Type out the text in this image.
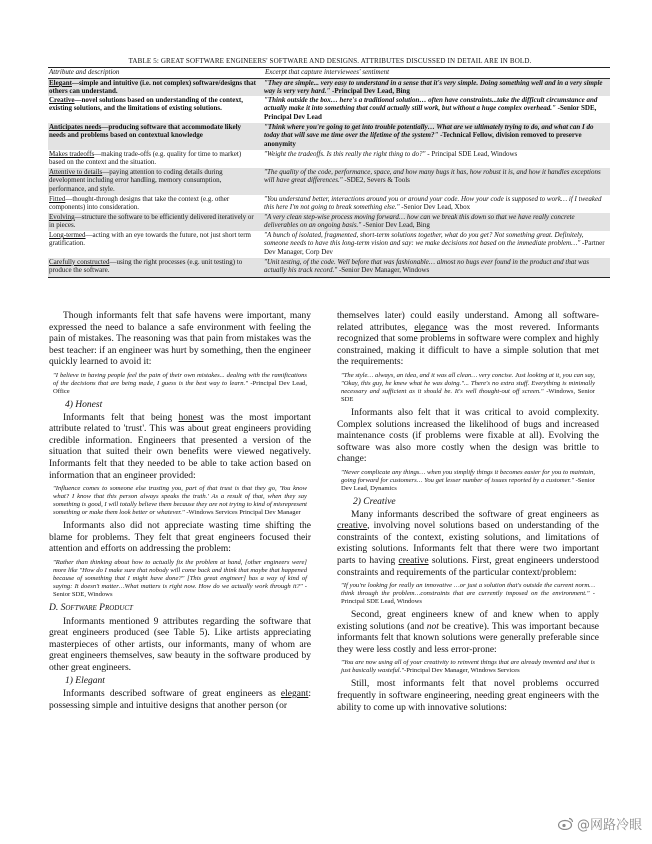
TABLE 5: GREAT SOFTWARE ENGINEERS' SOFTWARE AND DESIGNS. ATTRIBUTES DISCUSSED IN DETAIL ARE IN BOLD.
Attribute and description	Excerpt that capture interviewees' sentiment
Elegant—simple and intuitive (i.e. not complex) software/designs that others can understand.
"They are simple... very easy to understand in a sense that it's very simple. Doing something well and in a very simple way is very very hard." -Principal Dev Lead, Bing
Creative—novel solutions based on understanding of the context, existing solutions, and the limitations of existing solutions.
"Think outside the box… here's a traditional solution… often have constraints...take the difficult circumstance and actually make it into something that could actually still work, but without a huge complex overhead." -Senior SDE, Principal Dev Lead
Anticipates needs—producing software that accommodate likely needs and problems based on contextual knowledge
"Think where you're going to get into trouble potentially… What are we ultimately trying to do, and what can I do today that will save me time over the lifetime of the system?" -Technical Fellow, division removed to preserve anonymity
Makes tradeoffs—making trade-offs (e.g. quality for time to market) based on the context and the situation.
"Weight the tradeoffs. Is this really the right thing to do?" - Principal SDE Lead, Windows
Attentive to details—paying attention to coding details during development including error handling, memory consumption, performance, and style.
"The quality of the code, performance, space, and how many bugs it has, how robust it is, and how it handles exceptions will have great differences." -SDE2, Severs & Tools
Fitted—thought-through designs that take the context (e.g. other components) into consideration.
"You understand better, interactions around you or around your code. How your code is supposed to work… if I tweaked this here I'm not going to break something else." -Senior Dev Lead, Xbox
Evolving—structure the software to be efficiently delivered iteratively or in pieces.
"A very clean step-wise process moving forward… how can we break this down so that we have really concrete deliverables on an ongoing basis." -Senior Dev Lead, Bing
Long-termed—acting with an eye towards the future, not just short term gratification.
"A bunch of isolated, fragmented, short-term solutions together, what do you get? Not something great. Definitely, someone needs to have this long-term vision and say: we make decisions not based on the immediate problem…" -Partner Dev Manager, Corp Dev
Carefully constructed—using the right processes (e.g. unit testing) to produce the software.
"Unit testing, of the code. Well before that was fashionable… almost no bugs ever found in the product and that was actually his track record." -Senior Dev Manager, Windows

Though informants felt that safe havens were important, many expressed the need to balance a safe environment with feeling the pain of mistakes. The reasoning was that pain from mistakes was the best teacher: if an engineer was hurt by something, then the engineer quickly learned to avoid it:

"I believe in having people feel the pain of their own mistakes... dealing with the ramifications of the decisions that are being made, I guess is the best way to learn." -Principal Dev Lead, Office

4) Honest

Informants felt that being honest was the most important attribute related to 'trust'. This was about great engineers providing credible information. Engineers that presented a version of the situation that suited their own benefits were viewed negatively. Informants felt that they needed to be able to take action based on information that an engineer provided:

"Influence comes to someone else trusting you, part of that trust is that they go, 'You know what? I know that this person always speaks the truth.' As a result of that, when they say something is good, I will totally believe them because they are not trying to kind of misrepresent something or make them look better or whatever." -Windows Services Principal Dev Manager

Informants also did not appreciate wasting time shifting the blame for problems. They felt that great engineers focused their attention and efforts on addressing the problem:

"Rather than thinking about how to actually fix the problem at hand, [other engineers were] more like "How do I make sure that nobody will come back and think that maybe that happened because of something that I might have done?" [This great engineer] has a way of kind of saying: It doesn't matter…What matters is right now. How do we actually work through it?" -Senior SDE, Windows

D. Software Product

Informants mentioned 9 attributes regarding the software that great engineers produced (see Table 5). Like artists appreciating masterpieces of other artists, our informants, many of whom are great engineers themselves, saw beauty in the software produced by other great engineers.

1) Elegant

Informants described software of great engineers as elegant: possessing simple and intuitive designs that another person (or

themselves later) could easily understand. Among all software-related attributes, elegance was the most revered. Informants recognized that some problems in software were complex and highly constrained, making it difficult to have a simple solution that met the requirements:

"The style… always, an idea, and it was all clean… very concise. Just looking at it, you can say, "Okay, this guy, he knew what he was doing."... There's no extra stuff. Everything is minimally necessary and sufficient as it should be. It's well thought-out off screen." -Windows, Senior SDE

Informants also felt that it was critical to avoid complexity. Complex solutions increased the likelihood of bugs and increased maintenance costs (if problems were fixable at all). Evolving the software was also more costly when the design was brittle to change:

"Never complicate any things… when you simplify things it becomes easier for you to maintain, going forward for customers… You get lesser number of issues reported by a customer." -Senior Dev Lead, Dynamics

2) Creative

Many informants described the software of great engineers as creative, involving novel solutions based on understanding of the constraints of the context, existing solutions, and limitations of existing solutions. Informants felt that there were two important parts to having creative solutions. First, great engineers understood constraints and requirements of the particular context/problem:

"If you're looking for really an innovative …or just a solution that's outside the current norm… think through the problem…constraints that are currently imposed on the environment." -Principal SDE Lead, Windows

Second, great engineers knew of and knew when to apply existing solutions (and not be creative). This was important because informants felt that known solutions were generally preferable since they were less costly and less error-prone:

"You are now using all of your creativity to reinvent things that are already invented and that is just basically wasteful."-Principal Dev Manager, Windows Services

Still, most informants felt that novel problems occurred frequently in software engineering, needing great engineers with the ability to come up with innovative solutions:

@网路冷眼
